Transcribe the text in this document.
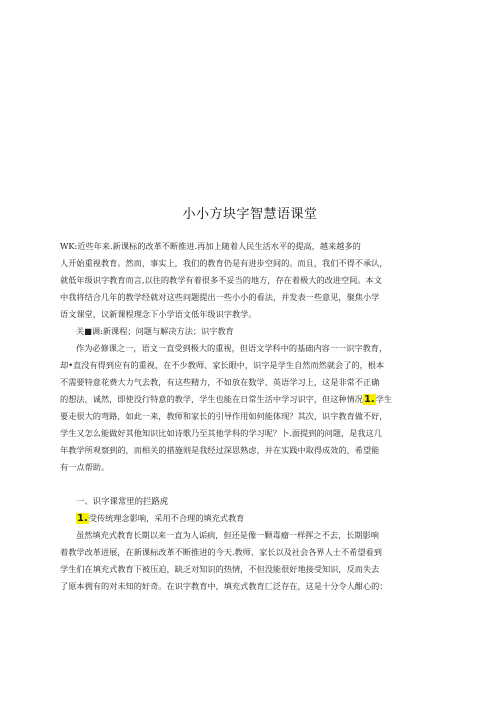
小小方块字智慧语课堂
WK:近些年来.新课标的改革不断推进.再加上随着人民生活水平的提高，越来越多的
人开始重视教育。然而，事实上，我们的教育仍是有进步空间的。而且，我们不得不承认，
就低年级识字教育而言,以往的教学有着很多不妥当的地方，存在着极大的改进空间。本文
中我将结合几年的教学经就对这些问题提出一些小小的看法，并发表一些意见，聚焦小学
语文课堂，议新课程理念下小学语文低年级识字教学。
关■调:新课程；问题与解决方法；识字教育
作为必修课之一，语文一直受到极大的重视，但语文学科中的基础内容一一识字教育，
却•直没有得到应有的重视，在不少教师、家长眼中，识字是学生自然而然就会了的，根本
不需要特意花费大力气去教，有这些精力，不如放在数学、英语学习上，这是非常不正确
的想法，诚然，即使没行特意的教学，学生也能在日常生活中学习识字，但这种情况1.学生
要走很大的弯路，如此一来，教师和家长的引导作用如何能体现？其次，识字教育做不好，
学生又怎么能做好其他知识比如诗歌乃至其他学科的学习呢？卜.面提到的问题，是我这几
年教学所观察到的，而相关的措施则是我经过深思熟虑，并在实践中取得成效的，希望能
有一点帮助。
一、识字课常里的拦路虎
1.受传统理念影响，采用不合理的填充式教育
虽然填充式教育长期以来一直为人诟病，但还是像一颗毒瘤一样挥之不去，长期影响
着教学改革进展，在新课标改革不断推进的今天.教师、家长以及社会各界人士不希望看到
学生们在填充式教育下被压迫，缺乏对知识的热情，不但没能很好地接受知识，反而失去
了原本拥有的对未知的好奇。在识字教育中，填充式教育匚泛存在，这是十分令人酣心的：
